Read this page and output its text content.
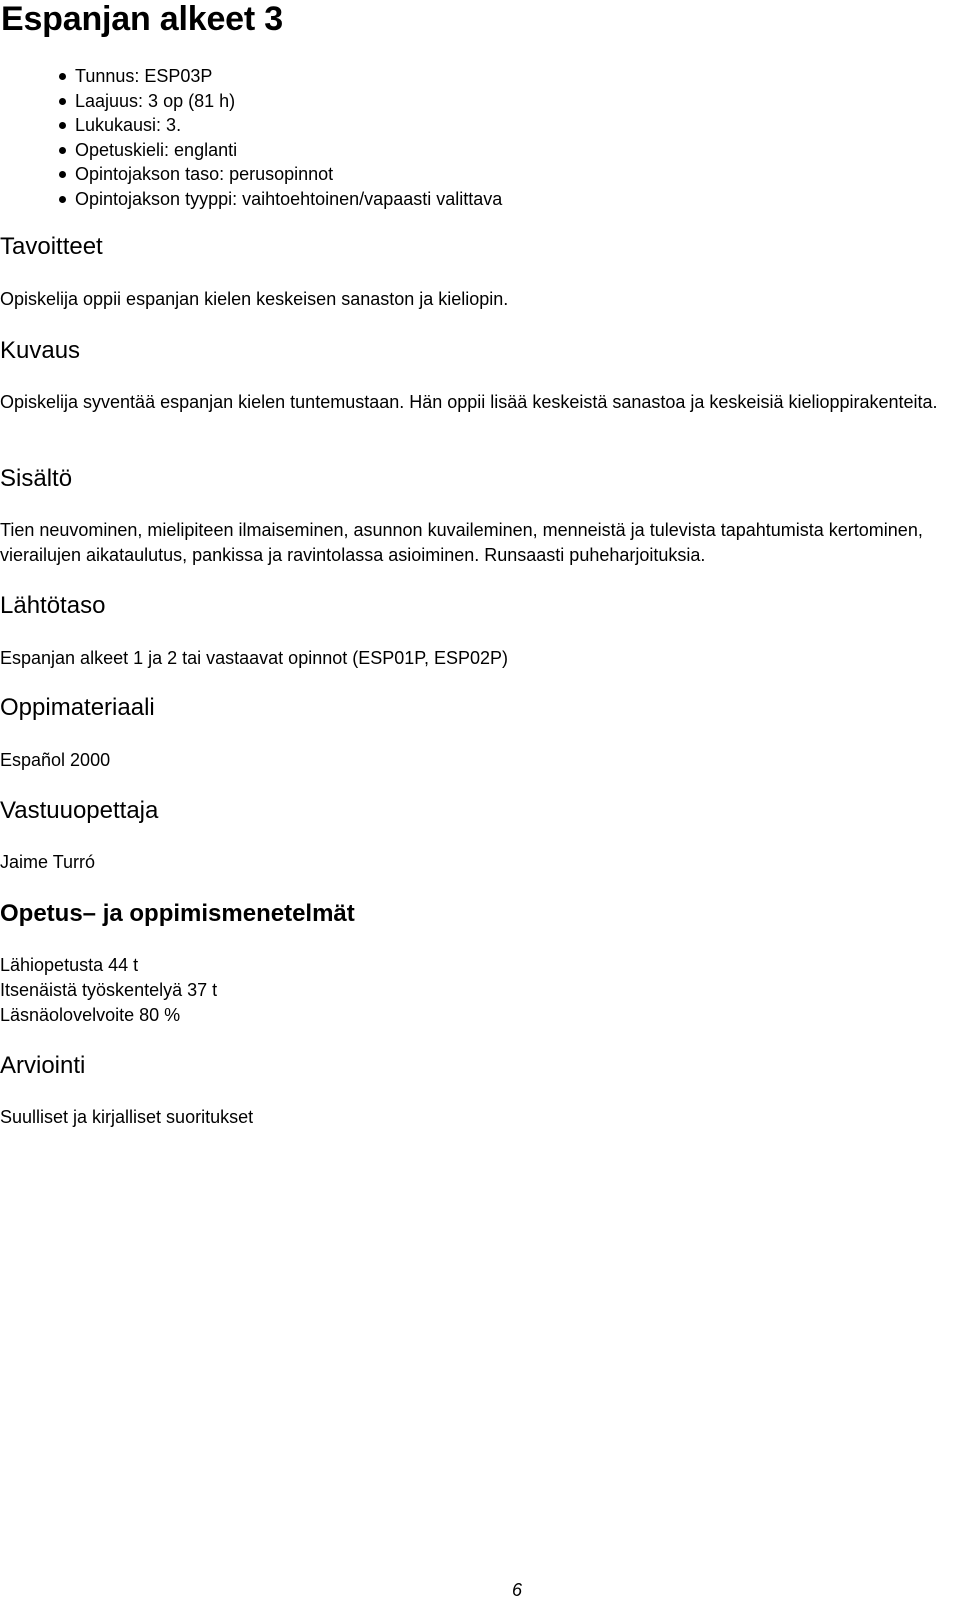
Espanjan alkeet 3
Tunnus: ESP03P
Laajuus: 3 op (81 h)
Lukukausi: 3.
Opetuskieli: englanti
Opintojakson taso: perusopinnot
Opintojakson tyyppi: vaihtoehtoinen/vapaasti valittava
Tavoitteet
Opiskelija oppii espanjan kielen keskeisen sanaston ja kieliopin.
Kuvaus
Opiskelija syventää espanjan kielen tuntemustaan. Hän oppii lisää keskeistä sanastoa ja keskeisiä kielioppirakenteita.
Sisältö
Tien neuvominen, mielipiteen ilmaiseminen, asunnon kuvaileminen, menneistä ja tulevista tapahtumista kertominen, vierailujen aikataulutus, pankissa ja ravintolassa asioiminen. Runsaasti puheharjoituksia.
Lähtötaso
Espanjan alkeet 1 ja 2 tai vastaavat opinnot (ESP01P, ESP02P)
Oppimateriaali
Español 2000
Vastuuopettaja
Jaime Turró
Opetus– ja oppimismenetelmät
Lähiopetusta 44 t
Itsenäistä työskentelyä 37 t
Läsnäolovelvoite 80 %
Arviointi
Suulliset ja kirjalliset suoritukset
6
